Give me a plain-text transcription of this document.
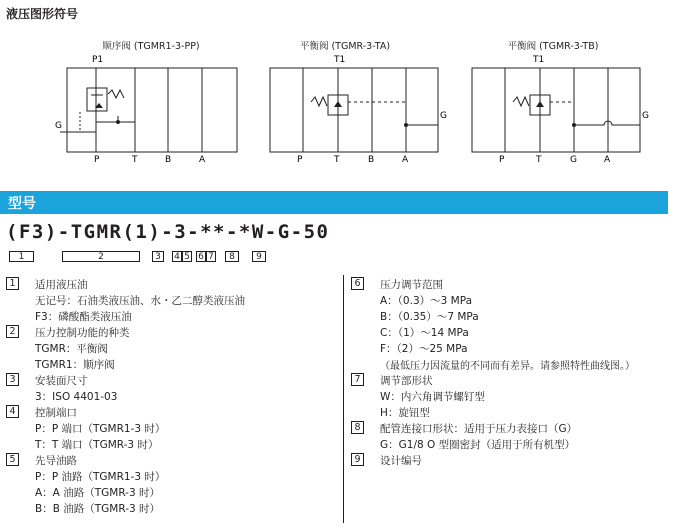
液压图形符号
顺序阀 (TGMR1-3-PP)
P1
G
P	T	B	A
平衡阀 (TGMR-3-TA)
T1
G
P	T	B	A
平衡阀 (TGMR-3-TB)
T1
G
P	T	G	A
型号
(F3)-TGMR(1)-3-**-*W-G-50
1	2	3	4 5 6 7	8	9
1	适用液压油
无记号：石油类液压油、水・乙二醇类液压油
F3：磷酸酯类液压油
2	压力控制功能的种类
TGMR：平衡阀
TGMR1：顺序阀
3	安装面尺寸
3：ISO 4401-03
4	控制端口
P：P 端口（TGMR1-3 时）
T：T 端口（TGMR-3 时）
5	先导油路
P：P 油路（TGMR1-3 时）
A：A 油路（TGMR-3 时）
B：B 油路（TGMR-3 时）
6	压力调节范围
A：（0.3）～3 MPa
B：（0.35）～7 MPa
C：（1）～14 MPa
F：（2）～25 MPa
（最低压力因流量的不同而有差异。请参照特性曲线图。）
7	调节部形状
W：内六角调节螺钉型
H：旋钮型
8	配管连接口形状：适用于压力表接口（G）
G：G1/8 O 型圈密封（适用于所有机型）
9	设计编号
